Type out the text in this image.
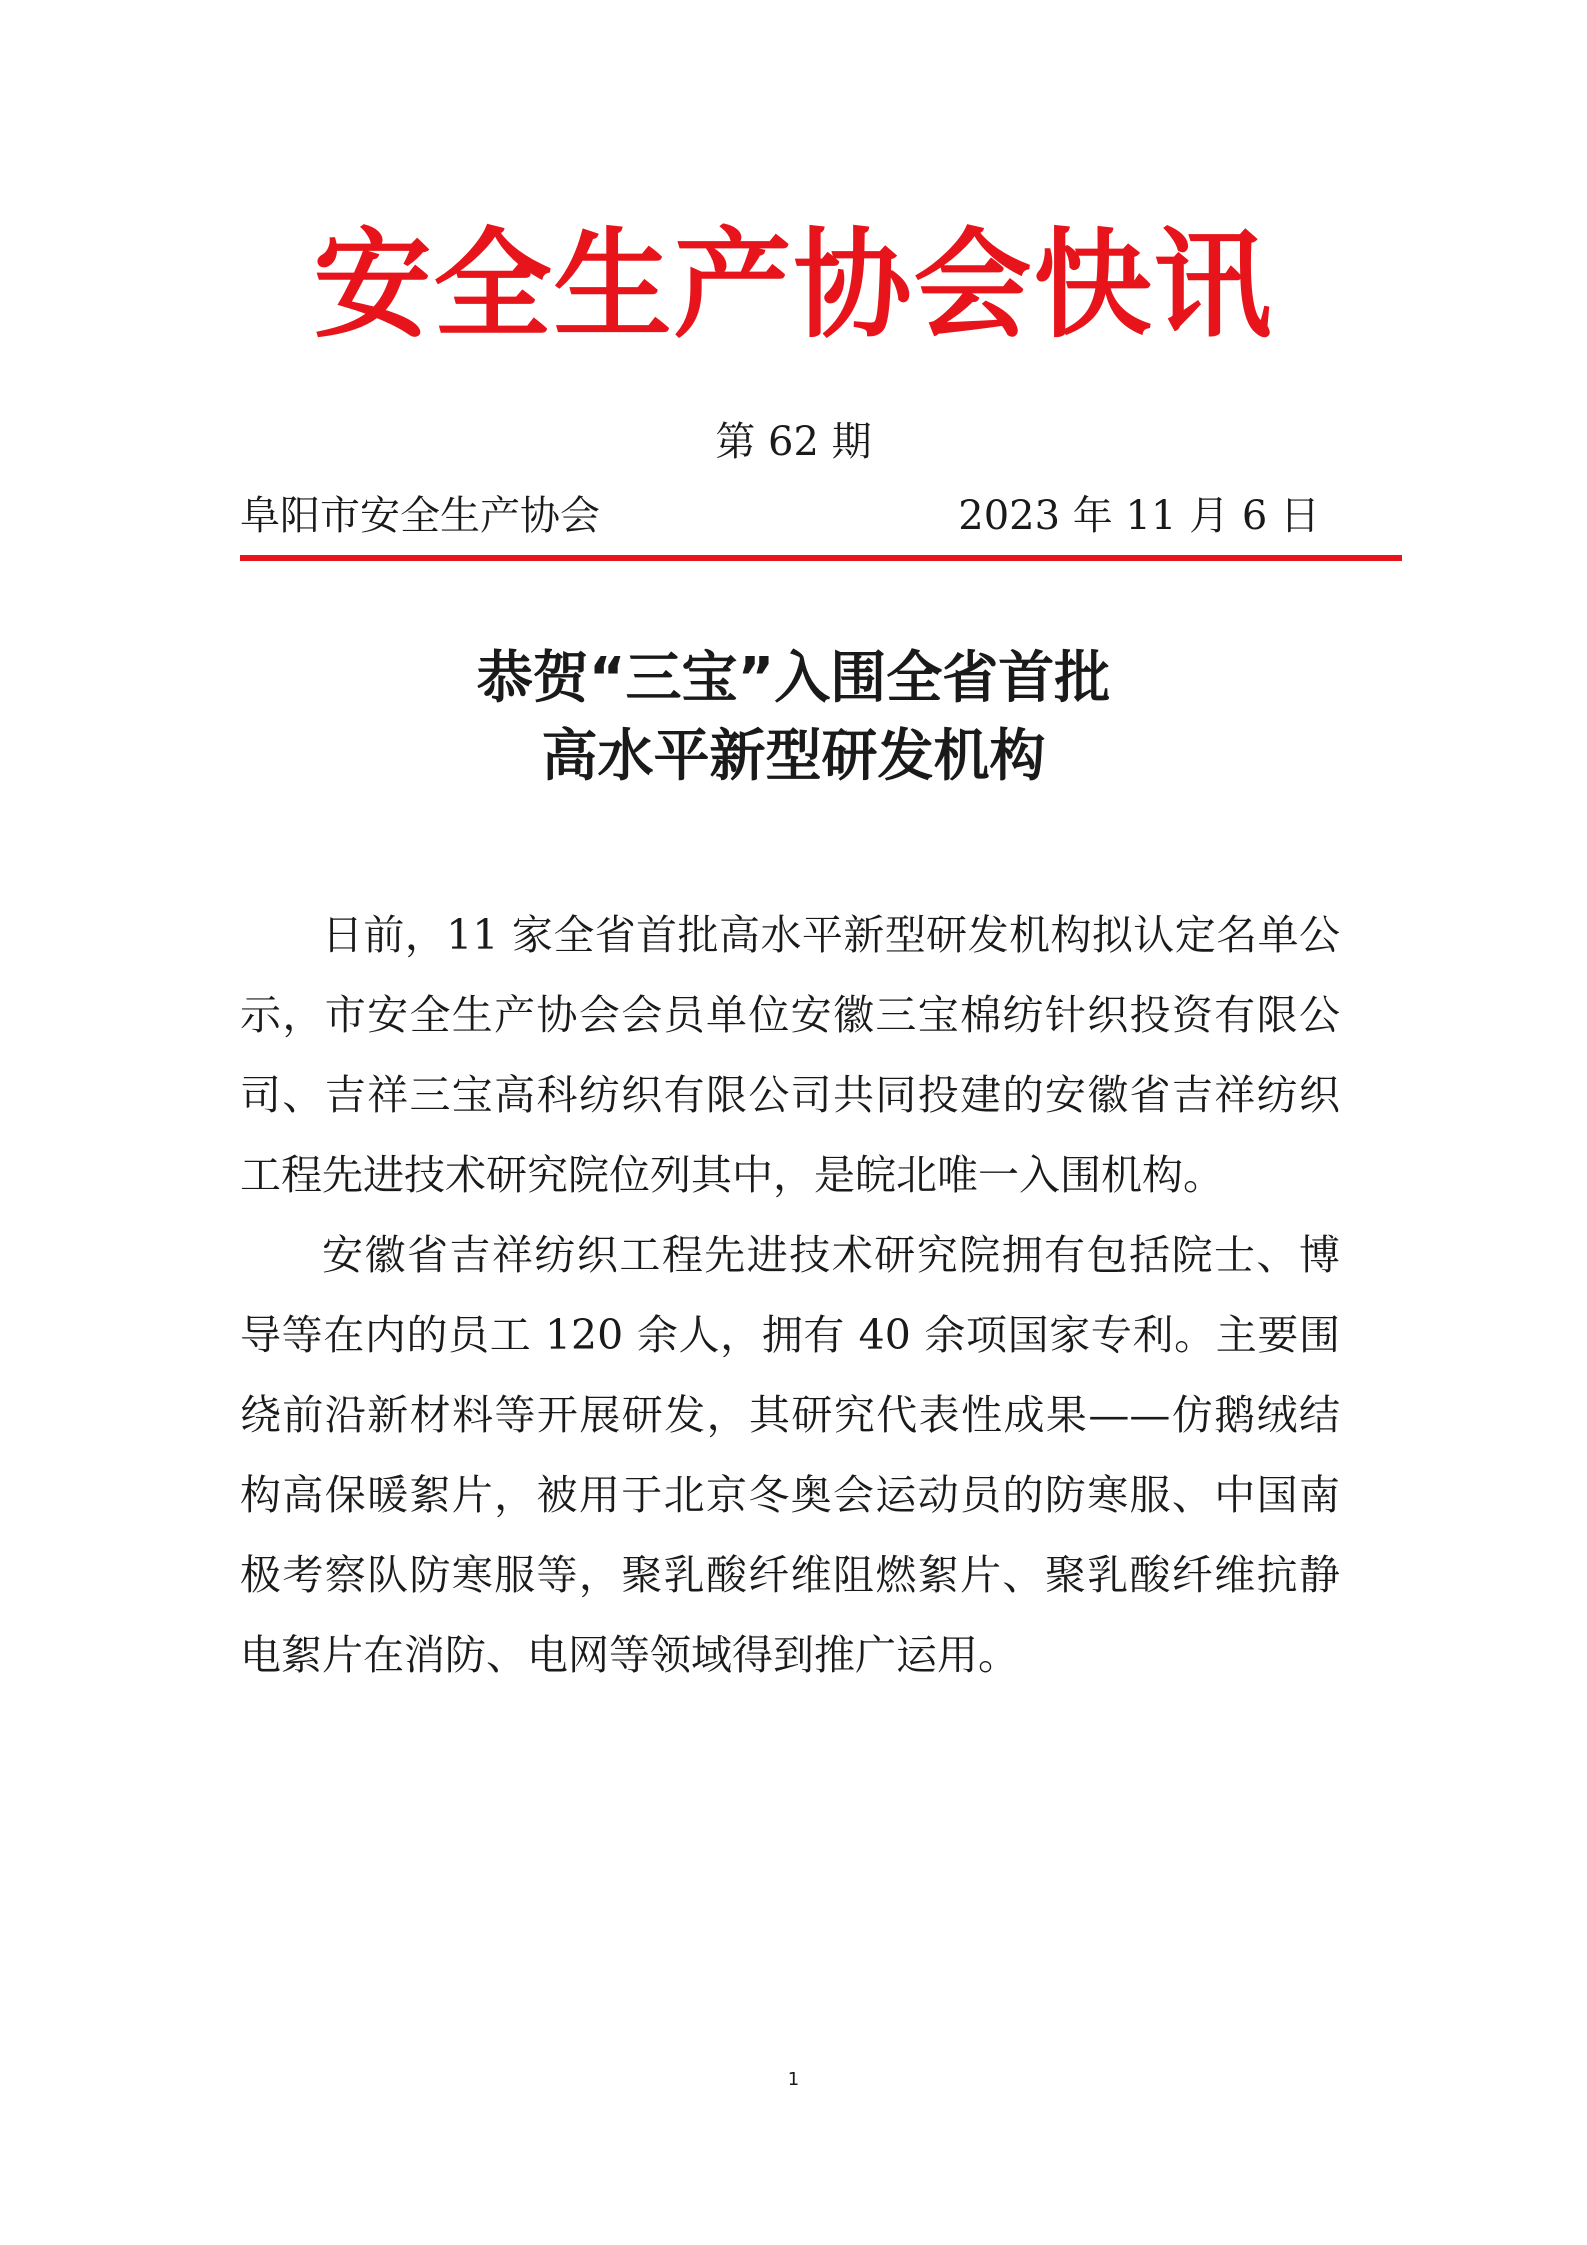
安全生产协会快讯
第 62 期
阜阳市安全生产协会	2023 年 11 月 6 日
恭贺“三宝”入围全省首批
高水平新型研发机构

日前，11 家全省首批高水平新型研发机构拟认定名单公示，市安全生产协会会员单位安徽三宝棉纺针织投资有限公司、吉祥三宝高科纺织有限公司共同投建的安徽省吉祥纺织工程先进技术研究院位列其中，是皖北唯一入围机构。

安徽省吉祥纺织工程先进技术研究院拥有包括院士、博导等在内的员工 120 余人，拥有 40 余项国家专利。主要围绕前沿新材料等开展研发，其研究代表性成果——仿鹅绒结构高保暖絮片，被用于北京冬奥会运动员的防寒服、中国南极考察队防寒服等，聚乳酸纤维阻燃絮片、聚乳酸纤维抗静电絮片在消防、电网等领域得到推广运用。

1
